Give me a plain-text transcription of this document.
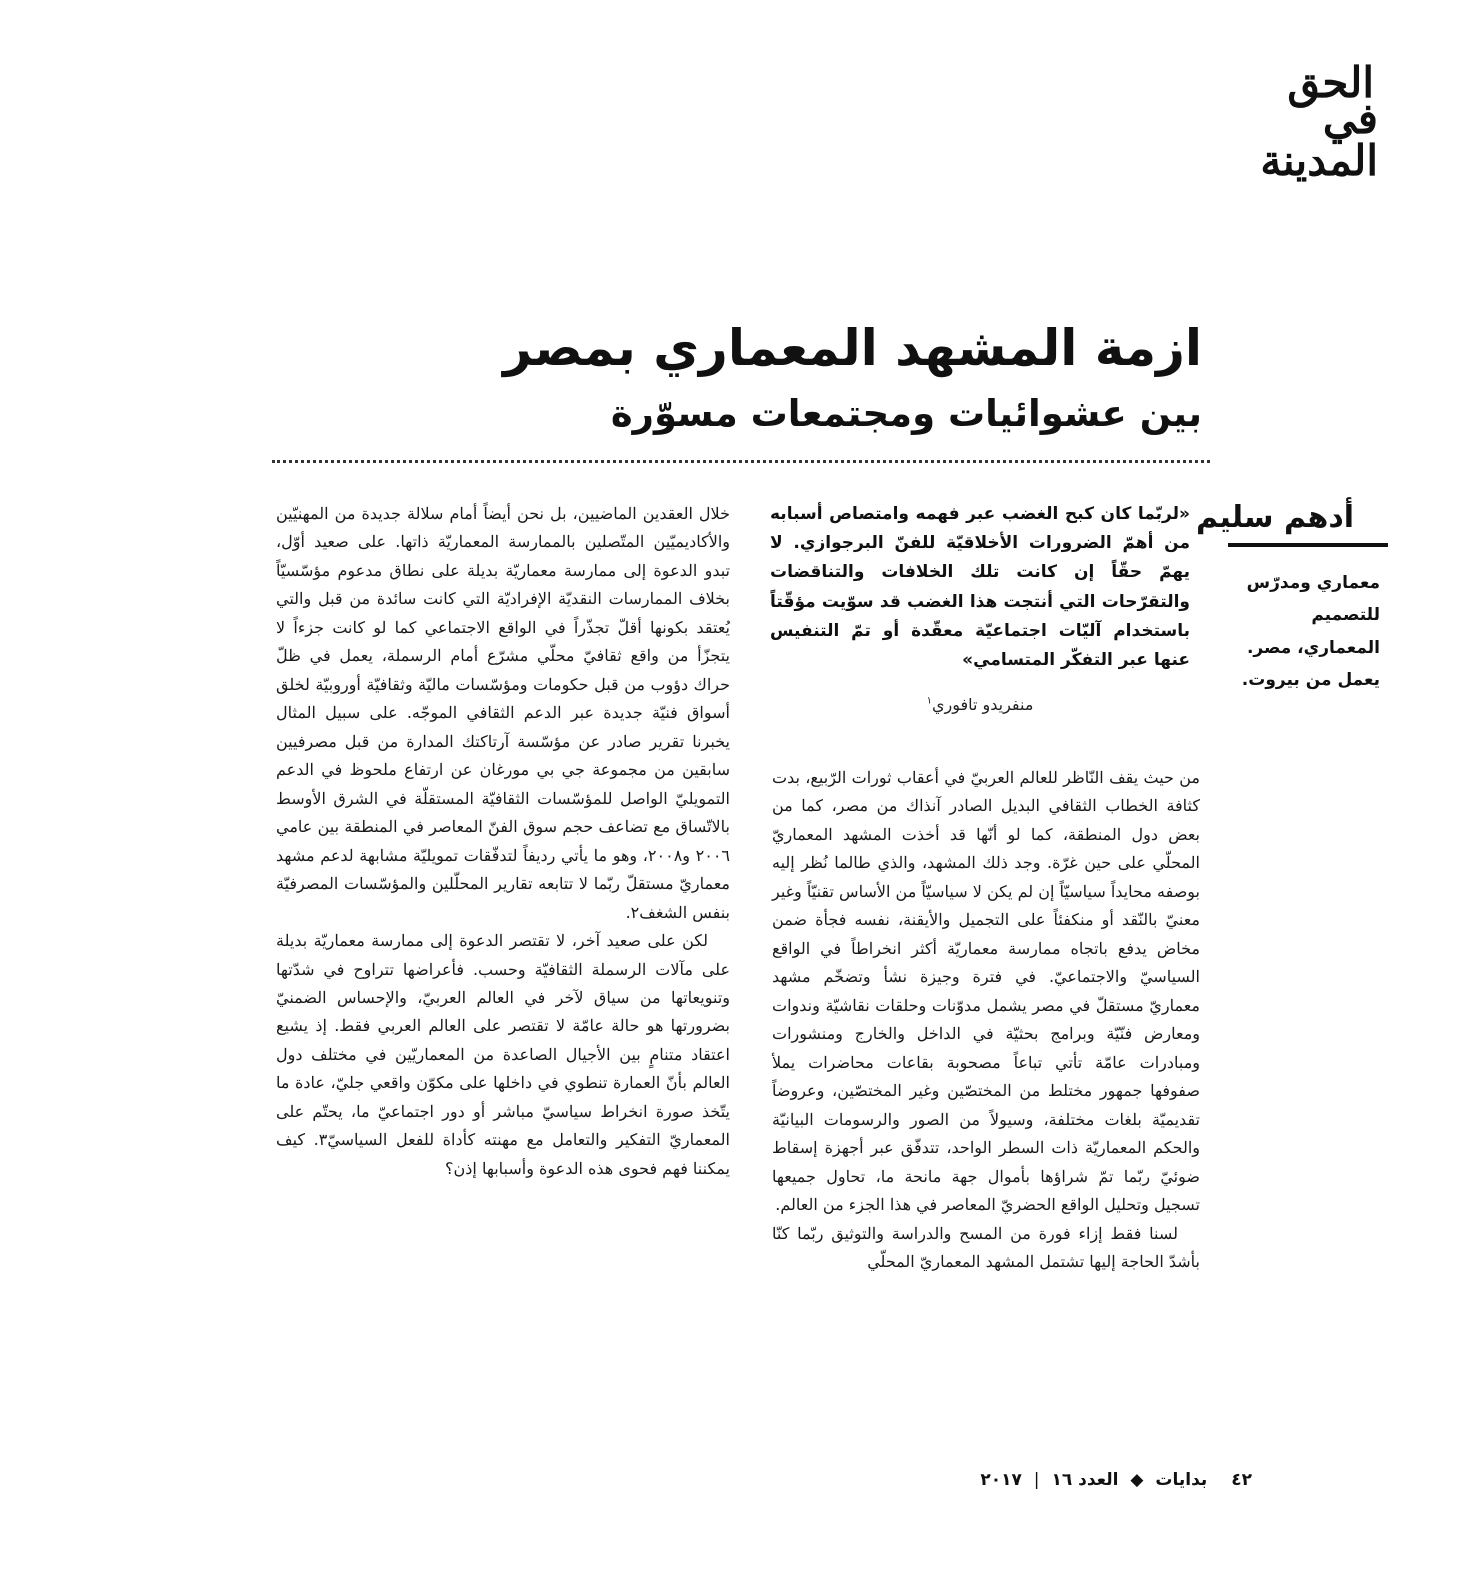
الحق
في المدينة
ازمة المشهد المعماري بمصر
بين عشوائيات ومجتمعات مسوّرة
أدهم سليم
معماري ومدرّس للتصميم المعماري، مصر. يعمل من بيروت.
«لربّما كان كبح الغضب عبر فهمه وامتصاص أسبابه من أهمّ الضرورات الأخلاقيّة للفنّ البرجوازي. لا يهمّ حقّاً إن كانت تلك الخلافات والتناقضات والتقرّحات التي أنتجت هذا الغضب قد سوّيت مؤقّتاً باستخدام آليّات اجتماعيّة معقّدة أو تمّ التنفيس عنها عبر التفكّر المتسامي»
منفريدو تافوري$^١$

من حيث يقف النّاظر للعالم العربيّ في أعقاب ثورات الرّبيع، بدت كثافة الخطاب الثقافي البديل الصادر آنذاك من مصر، كما من بعض دول المنطقة، كما لو أنّها قد أخذت المشهد المعماريّ المحلّي على حين غرّة. وجد ذلك المشهد، والذي طالما نُظر إليه بوصفه محايداً سياسيّاً إن لم يكن لا سياسيّاً من الأساس تقنيّاً وغير معنيّ بالنّقد أو منكفئاً على التجميل والأيقنة، نفسه فجأة ضمن مخاض يدفع باتجاه ممارسة معماريّة أكثر انخراطاً في الواقع السياسيّ والاجتماعيّ. في فترة وجيزة نشأ وتضخّم مشهد معماريّ مستقلّ في مصر يشمل مدوّنات وحلقات نقاشيّة وندوات ومعارض فنّيّة وبرامج بحثيّة في الداخل والخارج ومنشورات ومبادرات عامّة تأتي تباعاً مصحوبة بقاعات محاضرات يملأ صفوفها جمهور مختلط من المختصّين وغير المختصّين، وعروضاً تقديميّة بلغات مختلفة، وسيولاً من الصور والرسومات البيانيّة والحكم المعماريّة ذات السطر الواحد، تتدفّق عبر أجهزة إسقاط ضوئيّ ربّما تمّ شراؤها بأموال جهة مانحة ما، تحاول جميعها تسجيل وتحليل الواقع الحضريّ المعاصر في هذا الجزء من العالم.

لسنا فقط إزاء فورة من المسح والدراسة والتوثيق ربّما كنّا بأشدّ الحاجة إليها تشتمل المشهد المعماريّ المحلّي

خلال العقدين الماضيين، بل نحن أيضاً أمام سلالة جديدة من المهنيّين والأكاديميّين المتّصلين بالممارسة المعماريّة ذاتها. على صعيد أوّل، تبدو الدعوة إلى ممارسة معماريّة بديلة على نطاق مدعوم مؤسّسيّاً بخلاف الممارسات النقديّة الإفراديّة التي كانت سائدة من قبل والتي يُعتقد بكونها أقلّ تجذّراً في الواقع الاجتماعي كما لو كانت جزءاً لا يتجزّأ من واقع ثقافيّ محلّي مشرّع أمام الرسملة، يعمل في ظلّ حراك دؤوب من قبل حكومات ومؤسّسات ماليّة وثقافيّة أوروبيّة لخلق أسواق فنيّة جديدة عبر الدعم الثقافي الموجّه. على سبيل المثال يخبرنا تقرير صادر عن مؤسّسة آرتاكتك المدارة من قبل مصرفيين سابقين من مجموعة جي بي مورغان عن ارتفاع ملحوظ في الدعم التمويليّ الواصل للمؤسّسات الثقافيّة المستقلّة في الشرق الأوسط بالاتّساق مع تضاعف حجم سوق الفنّ المعاصر في المنطقة بين عامي ٢٠٠٦ و٢٠٠٨، وهو ما يأتي رديفاً لتدفّقات تمويليّة مشابهة لدعم مشهد معماريّ مستقلّ ربّما لا تتابعه تقارير المحلّلين والمؤسّسات المصرفيّة بنفس الشغف٢.

لكن على صعيد آخر، لا تقتصر الدعوة إلى ممارسة معماريّة بديلة على مآلات الرسملة الثقافيّة وحسب. فأعراضها تتراوح في شدّتها وتنويعاتها من سياق لآخر في العالم العربيّ، والإحساس الضمنيّ بضرورتها هو حالة عامّة لا تقتصر على العالم العربي فقط. إذ يشيع اعتقاد متنامٍ بين الأجيال الصاعدة من المعماريّين في مختلف دول العالم بأنّ العمارة تنطوي في داخلها على مكوّن واقعي جليّ، عادة ما يتّخذ صورة انخراط سياسيّ مباشر أو دور اجتماعيّ ما، يحتّم على المعماريّ التفكير والتعامل مع مهنته كأداة للفعل السياسيّ٣. كيف يمكننا فهم فحوى هذه الدعوة وأسبابها إذن؟

٤٢ بدايات ◆ العدد ١٦ | ٢٠١٧
